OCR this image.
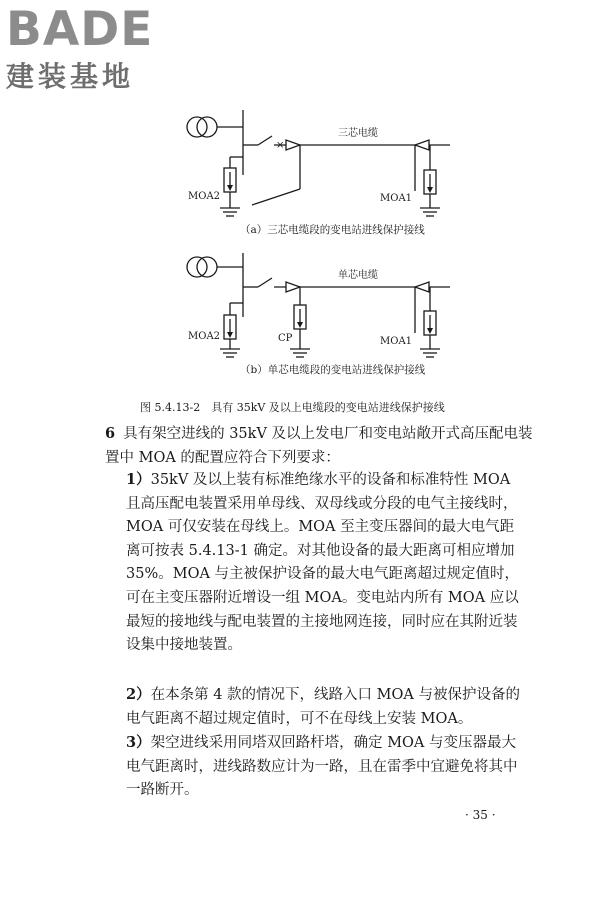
BADE
建装基地
×
三芯电缆
MOA2	MOA1
（a）三芯电缆段的变电站进线保护接线
单芯电缆
MOA2	CP	MOA1
（b）单芯电缆段的变电站进线保护接线
图 5.4.13-2　具有 35kV 及以上电缆段的变电站进线保护接线
6 具有架空进线的 35kV 及以上发电厂和变电站敞开式高压配电装置中 MOA 的配置应符合下列要求：
1）35kV 及以上装有标准绝缘水平的设备和标准特性 MOA 且高压配电装置采用单母线、双母线或分段的电气主接线时，MOA 可仅安装在母线上。MOA 至主变压器间的最大电气距离可按表 5.4.13-1 确定。对其他设备的最大距离可相应增加 35%。MOA 与主被保护设备的最大电气距离超过规定值时，可在主变压器附近增设一组 MOA。变电站内所有 MOA 应以最短的接地线与配电装置的主接地网连接，同时应在其附近装设集中接地装置。
2）在本条第 4 款的情况下，线路入口 MOA 与被保护设备的电气距离不超过规定值时，可不在母线上安装 MOA。
3）架空进线采用同塔双回路杆塔，确定 MOA 与变压器最大电气距离时，进线路数应计为一路，且在雷季中宜避免将其中一路断开。
· 35 ·
